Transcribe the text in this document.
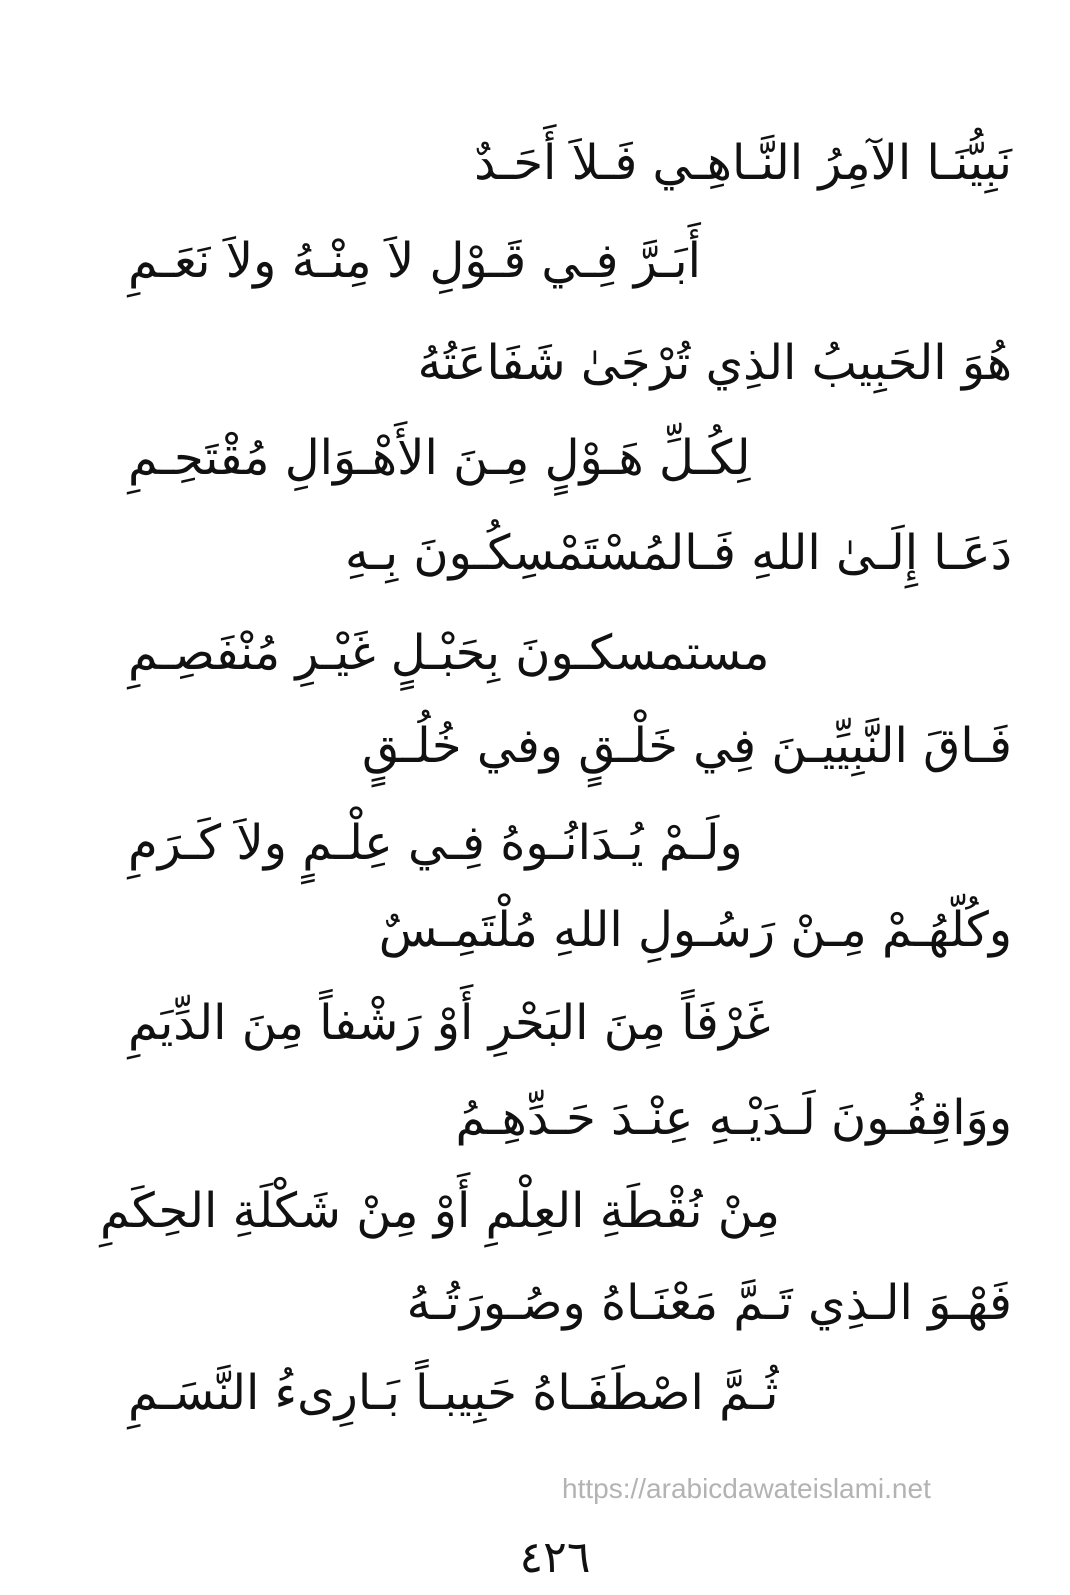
نَبِيُّنَـا الآمِرُ النَّـاهِـي فَـلاَ أَحَـدٌ
أَبَـرَّ فِـي قَـوْلِ لاَ مِنْـهُ ولاَ نَعَـمِ
هُوَ الحَبِيبُ الذِي تُرْجَىٰ شَفَاعَتُهُ
لِكُـلِّ هَـوْلٍ مِـنَ الأَهْـوَالِ مُقْتَحِـمِ
دَعَـا إِلَـىٰ اللهِ فَـالمُسْتَمْسِكُـونَ بِـهِ
مستمسكـونَ بِحَبْـلٍ غَيْـرِ مُنْفَصِـمِ
فَـاقَ النَّبِيِّيـنَ فِي خَلْـقٍ وفي خُلُـقٍ
ولَـمْ يُـدَانُـوهُ فِـي عِلْـمٍ ولاَ كَـرَمِ
وكُلّهُـمْ مِـنْ رَسُـولِ اللهِ مُلْتَمِـسٌ
غَرْفَاً مِنَ البَحْرِ أَوْ رَشْفاً مِنَ الدِّيَمِ
ووَاقِفُـونَ لَـدَيْـهِ عِنْـدَ حَـدِّهِـمُ
مِنْ نُقْطَةِ العِلْمِ أَوْ مِنْ شَكْلَةِ الحِكَمِ
فَهْـوَ الـذِي تَـمَّ مَعْنَـاهُ وصُـورَتُـهُ
ثُـمَّ اصْطَفَـاهُ حَبِيبـاً بَـارِىءُ النَّسَـمِ
https://arabicdawateislami.net
٤٢٦
